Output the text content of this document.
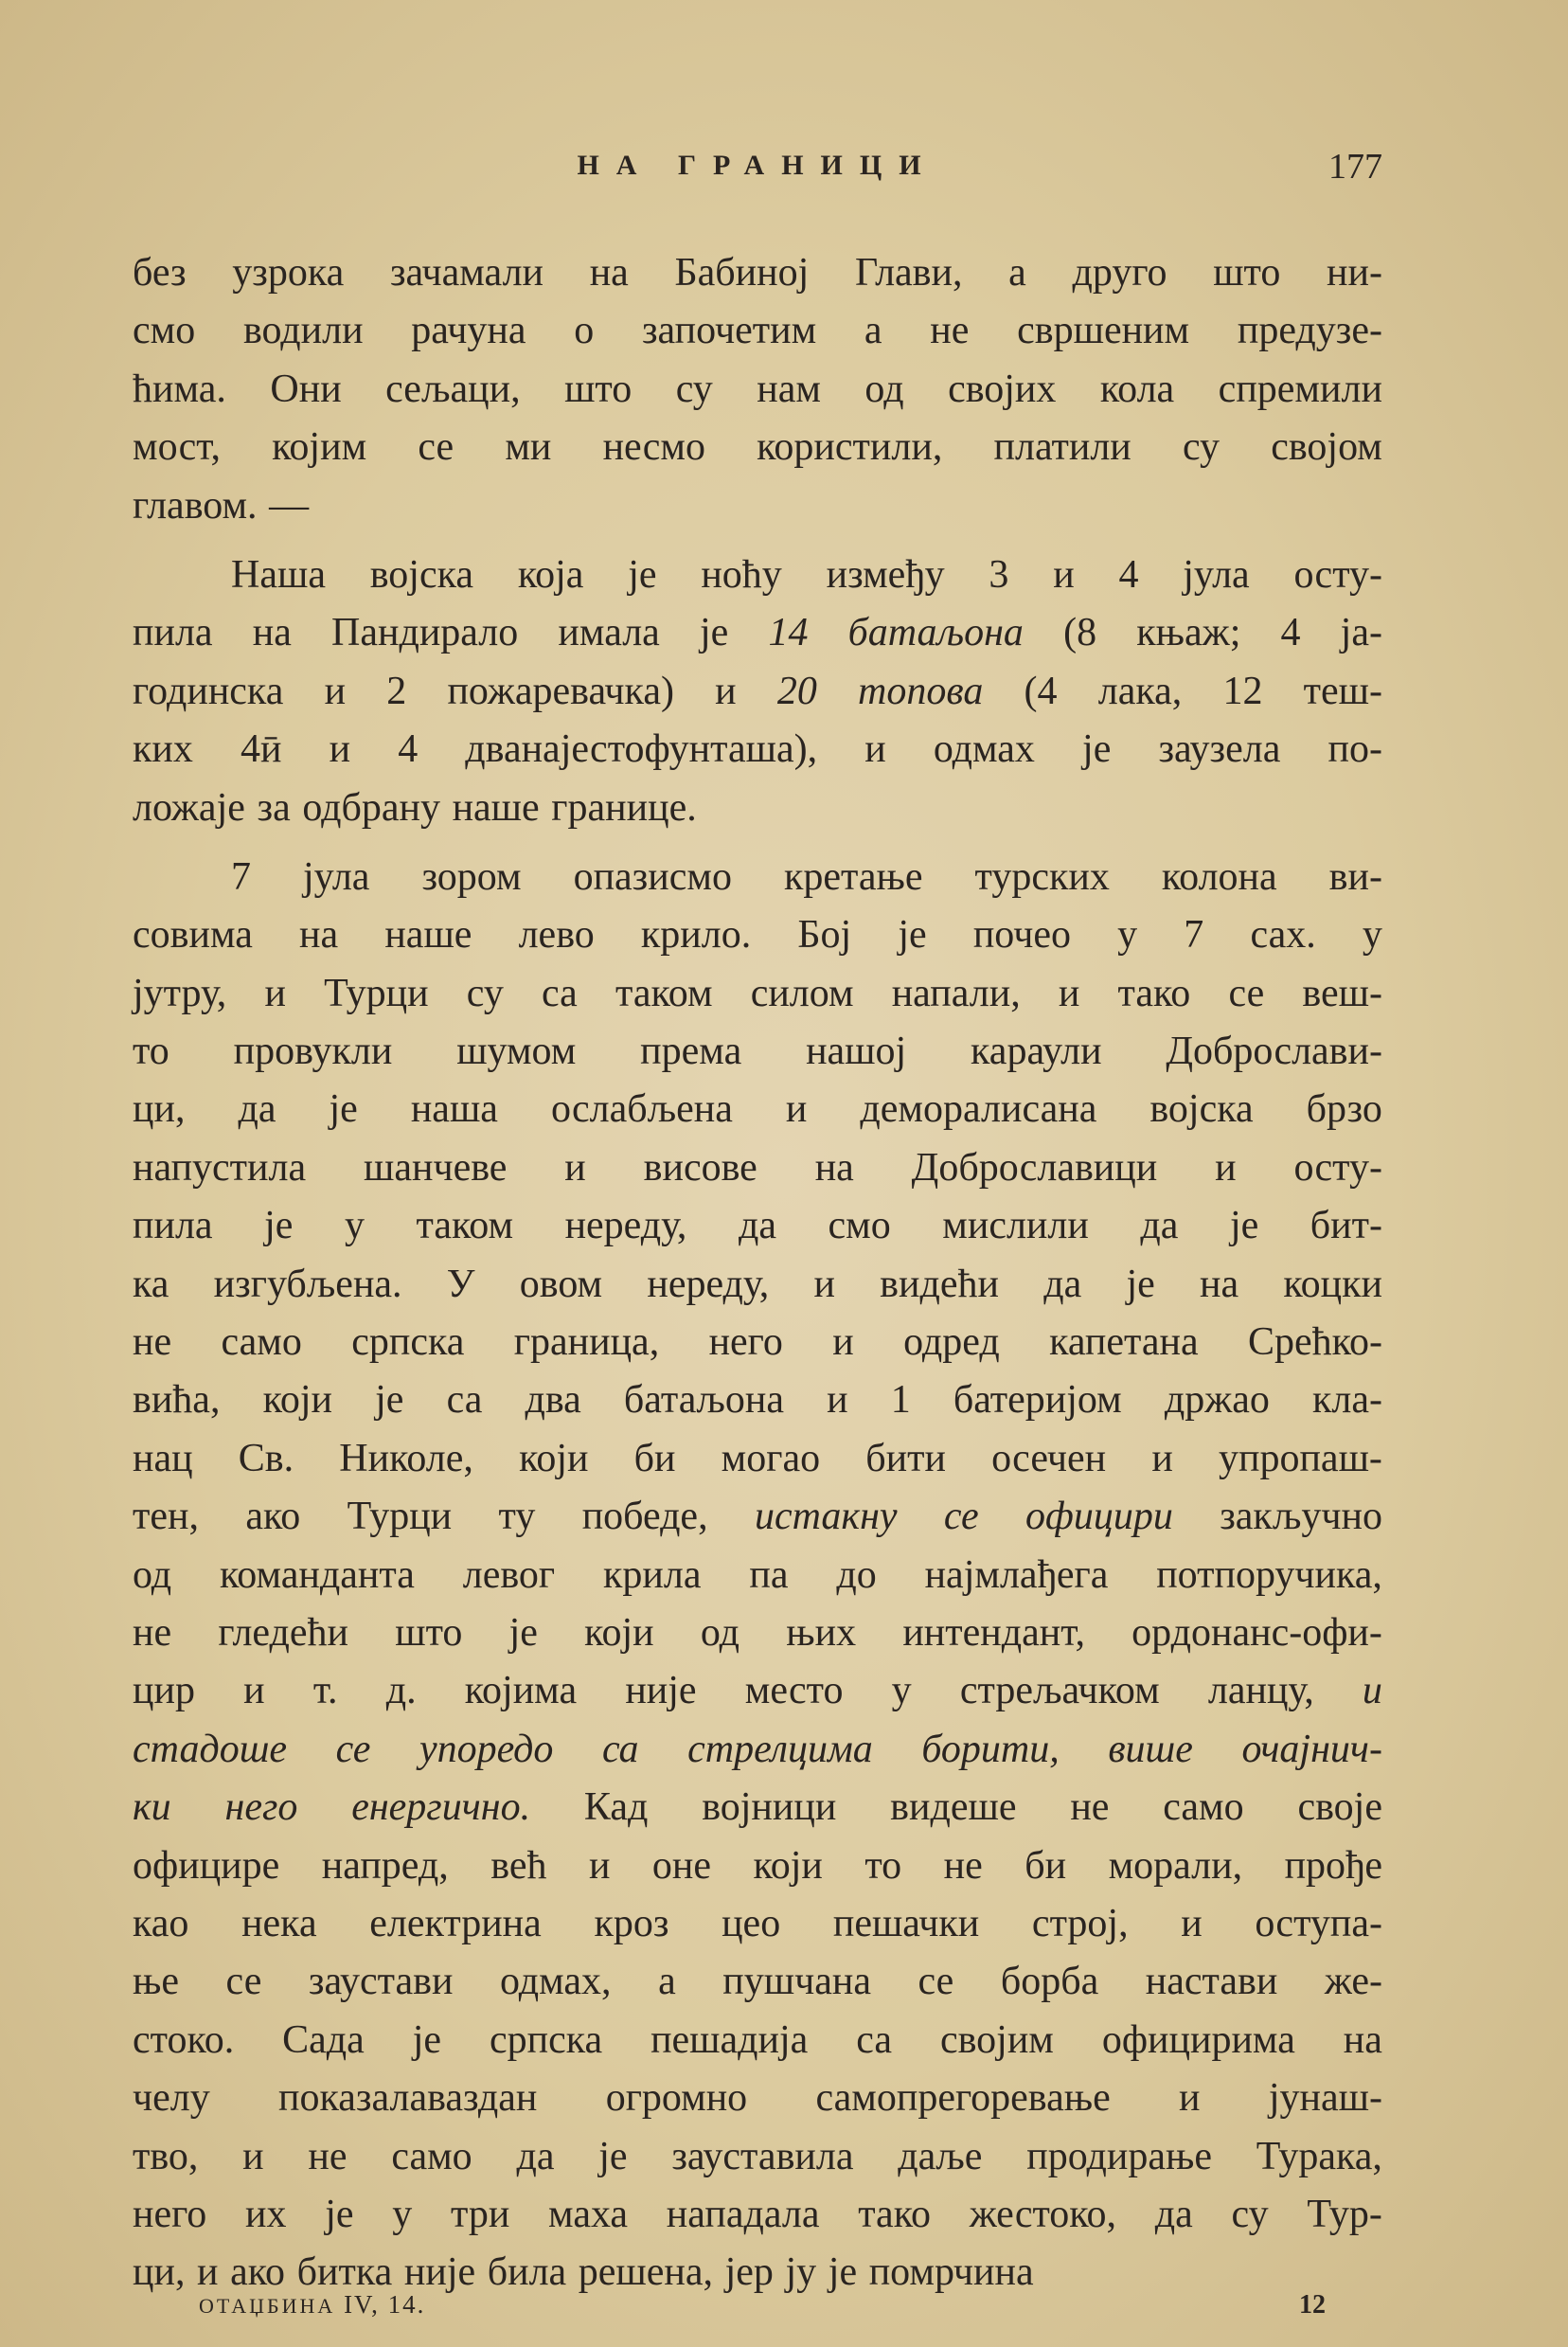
НА ГРАНИЦИ	177
без узрока зачамали на Бабиној Глави, а друго што ни-
смо водили рачуна о започетим а не свршеним предузе-
ћима. Они сељаци, што су нам од својих кола спремили
мост, којим се ми несмо користили, платили су својом
главом. —
Наша војска која је ноћу између 3 и 4 јула осту-
пила на Пандирало имала је 14 батаљона (8 књаж; 4 ја-
годинска и 2 пожаревачка) и 20 топова (4 лака, 12 теш-
ких 4ӣ и 4 дванајестофунташа), и одмах је заузела по-
ложаје за одбрану наше границе.
7 јула зором опазисмо кретање турских колона ви-
совима на наше лево крило. Бој је почео у 7 сах. у
јутру, и Турци су са таком силом напали, и тако се веш-
то провукли шумом према нашој караули Доброслави-
ци, да је наша ослабљена и деморалисана војска брзо
напустила шанчеве и висове на Доброславици и осту-
пила је у таком нереду, да смо мислили да је бит-
ка изгубљена. У овом нереду, и видећи да је на коцки
не само српска граница, него и одред капетана Срећко-
вића, који је са два батаљона и 1 батеријом држао кла-
нац Св. Николе, који би могао бити осечен и упропаш-
тен, ако Турци ту победе, истакну се официри закључно
од команданта левог крила па до најмлађега потпоручика,
не гледећи што је који од њих интендант, ордонанс-офи-
цир и т. д. којима није место у стрељачком ланцу, и
стадоше се упоредо са стрелцима борити, више очајнич-
ки него енергично. Кад војници видеше не само своје
официре напред, већ и оне који то не би морали, прође
као нека електрина кроз цео пешачки строј, и оступа-
ње се заустави одмах, а пушчана се борба настави же-
стоко. Сада је српска пешадија са својим официрима на
челу показалаваздан огромно самопрегоревање и јунаш-
тво, и не само да је зауставила даље продирање Турака,
него их је у три маха нападала тако жестоко, да су Тур-
ци, и ако битка није била решена, јер ју је помрчина
ОТАЏБИНА IV, 14.	12
